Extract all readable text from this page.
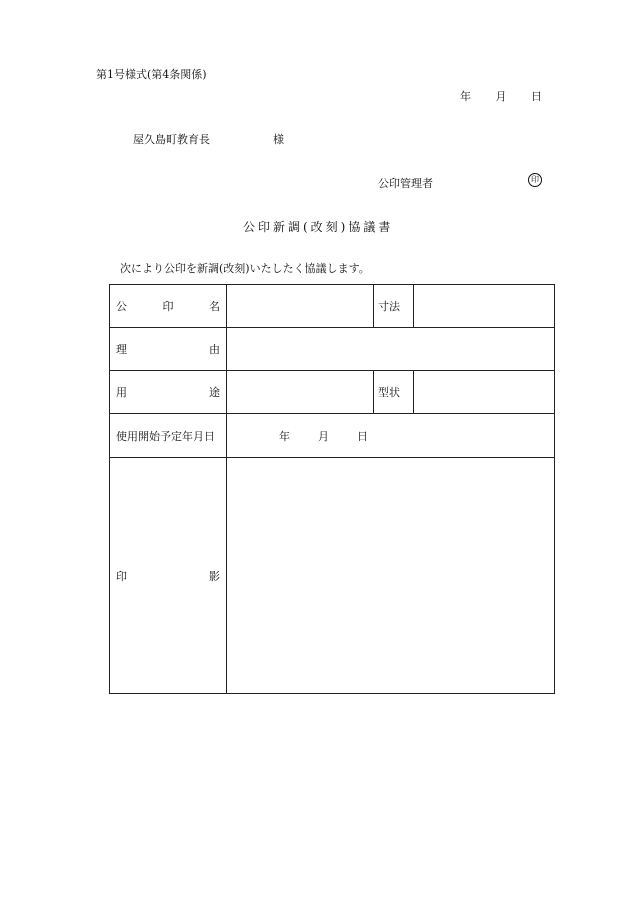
第1号様式(第4条関係)
年 月 日
屋久島町教育長	様
公印管理者	印
公印新調(改刻)協議書
次により公印を新調(改刻)いたしたく協議します。
公 印 名		寸法	

理 由			

用 途		型状	
使用開始予定年月日	年 月 日		

印 影			
